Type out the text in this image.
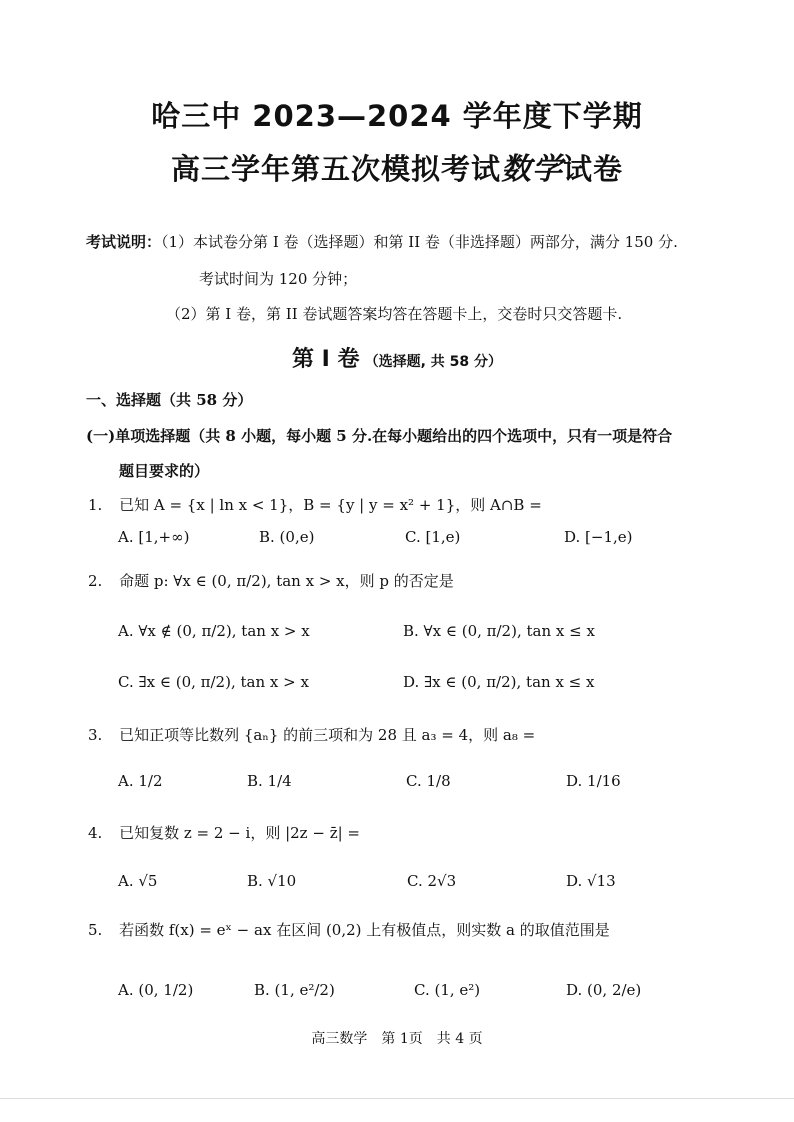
哈三中 2023—2024 学年度下学期
高三学年第五次模拟考试数学试卷
考试说明：（1）本试卷分第 I 卷（选择题）和第 II 卷（非选择题）两部分，满分 150 分.
考试时间为 120 分钟；
（2）第 I 卷，第 II 卷试题答案均答在答题卡上，交卷时只交答题卡.
第 I 卷 （选择题, 共 58 分）
一、选择题（共 58 分）
(一)单项选择题（共 8 小题，每小题 5 分.在每小题给出的四个选项中，只有一项是符合
题目要求的）
1. 已知 A = {x | ln x < 1}，B = {y | y = x² + 1}，则 A∩B =
A. [1,+∞)	B. (0,e)	C. [1,e)	D. [−1,e)
2. 命题 p: ∀x ∈ (0, π/2), tan x > x，则 p 的否定是
A. ∀x ∉ (0, π/2), tan x > x	B. ∀x ∈ (0, π/2), tan x ≤ x
C. ∃x ∈ (0, π/2), tan x > x	D. ∃x ∈ (0, π/2), tan x ≤ x
3. 已知正项等比数列 {aₙ} 的前三项和为 28 且 a₃ = 4，则 a₈ =
A. 1/2	B. 1/4	C. 1/8	D. 1/16
4. 已知复数 z = 2 − i，则 |2z − z̄| =
A. √5	B. √10	C. 2√3	D. √13
5. 若函数 f(x) = eˣ − ax 在区间 (0,2) 上有极值点，则实数 a 的取值范围是
A. (0, 1/2)	B. (1, e²/2)	C. (1, e²)	D. (0, 2/e)
高三数学　第 1页　共 4 页
